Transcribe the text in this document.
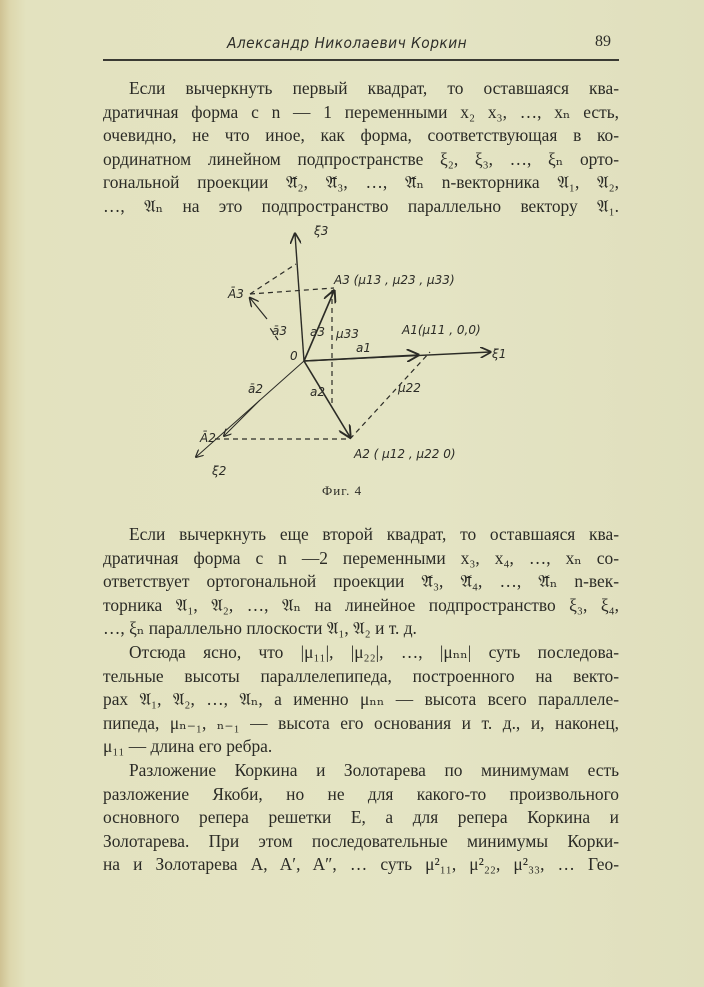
Александр Николаевич Коркин	89
Если вычеркнуть первый квадрат, то оставшаяся ква-
дратичная форма с n — 1 переменными x₂ x₃, …, xₙ есть,
очевидно, не что иное, как форма, соответствующая в ко-
ординатном линейном подпространстве ξ₂, ξ₃, …, ξₙ орто-
гональной проекции 𝔄̄₂, 𝔄̄₃, …, 𝔄̄ₙ n-векторника 𝔄₁, 𝔄₂,
…, 𝔄ₙ на это подпространство параллельно вектору 𝔄₁.
ξ3
ξ1
ξ2
0
A3 (μ13 , μ23 , μ33)
A1(μ11 , 0,0)
A2 ( μ12 , μ22 0)
Ā3
Ā2
ā3 a3 μ33
a1
ā2	a2	μ22
Фиг. 4
Если вычеркнуть еще второй квадрат, то оставшаяся ква-
дратичная форма с n —2 переменными x₃, x₄, …, xₙ со-
ответствует ортогональной проекции 𝔄̄₃, 𝔄̄₄, …, 𝔄̄ₙ n-век-
торника 𝔄₁, 𝔄₂, …, 𝔄ₙ на линейное подпространство ξ₃, ξ₄,
…, ξₙ параллельно плоскости 𝔄₁, 𝔄₂ и т. д.
Отсюда ясно, что |μ₁₁|, |μ₂₂|, …, |μₙₙ| суть последова-
тельные высоты параллелепипеда, построенного на векто-
рах 𝔄₁, 𝔄₂, …, 𝔄ₙ, а именно μₙₙ — высота всего параллеле-
пипеда, μₙ₋₁, ₙ₋₁ — высота его основания и т. д., и, наконец,
μ₁₁ — длина его ребра.
Разложение Коркина и Золотарева по минимумам есть
разложение Якоби, но не для какого-то произвольного
основного репера решетки E, а для репера Коркина и
Золотарева. При этом последовательные минимумы Корки-
на и Золотарева A, A′, A″, … суть μ²₁₁, μ²₂₂, μ²₃₃, … Гео-
